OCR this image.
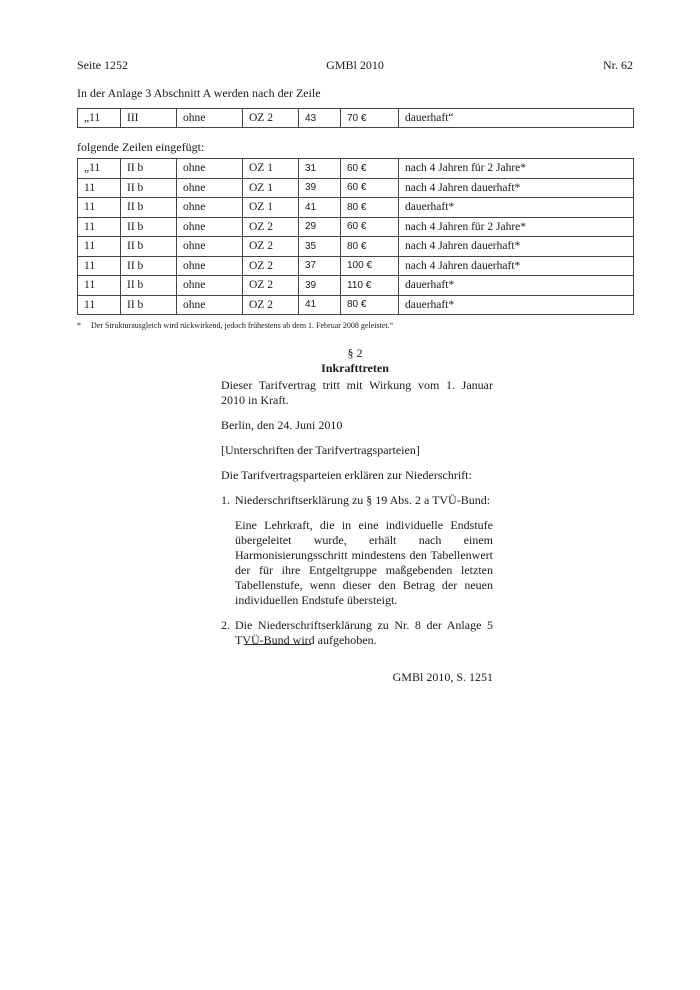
Seite 1252	GMBl 2010	Nr. 62
In der Anlage 3 Abschnitt A werden nach der Zeile
„11	III	ohne	OZ 2	43	70 €	dauerhaft“
folgende Zeilen eingefügt:
„11	II b	ohne	OZ 1	31	60 €	nach 4 Jahren für 2 Jahre*
11	II b	ohne	OZ 1	39	60 €	nach 4 Jahren dauerhaft*
11	II b	ohne	OZ 1	41	80 €	dauerhaft*
11	II b	ohne	OZ 2	29	60 €	nach 4 Jahren für 2 Jahre*
11	II b	ohne	OZ 2	35	80 €	nach 4 Jahren dauerhaft*
11	II b	ohne	OZ 2	37	100 €	nach 4 Jahren dauerhaft*
11	II b	ohne	OZ 2	39	110 €	dauerhaft*
11	II b	ohne	OZ 2	41	80 €	dauerhaft*
* Der Strukturausgleich wird rückwirkend, jedoch frühestens ab dem 1. Februar 2008 geleistet.“
§ 2
Inkrafttreten

Dieser Tarifvertrag tritt mit Wirkung vom 1. Januar 2010 in Kraft.

Berlin, den 24. Juni 2010

[Unterschriften der Tarifvertragsparteien]

Die Tarifvertragsparteien erklären zur Niederschrift:

1. Niederschriftserklärung zu § 19 Abs. 2 a TVÜ-Bund:
Eine Lehrkraft, die in eine individuelle Endstufe übergeleitet wurde, erhält nach einem Harmonisierungsschritt mindestens den Tabellenwert der für ihre Entgeltgruppe maßgebenden letzten Tabellenstufe, wenn dieser den Betrag der neuen individuellen Endstufe übersteigt.
2. Die Niederschriftserklärung zu Nr. 8 der Anlage 5 TVÜ-Bund wird aufgehoben.
GMBl 2010, S. 1251
